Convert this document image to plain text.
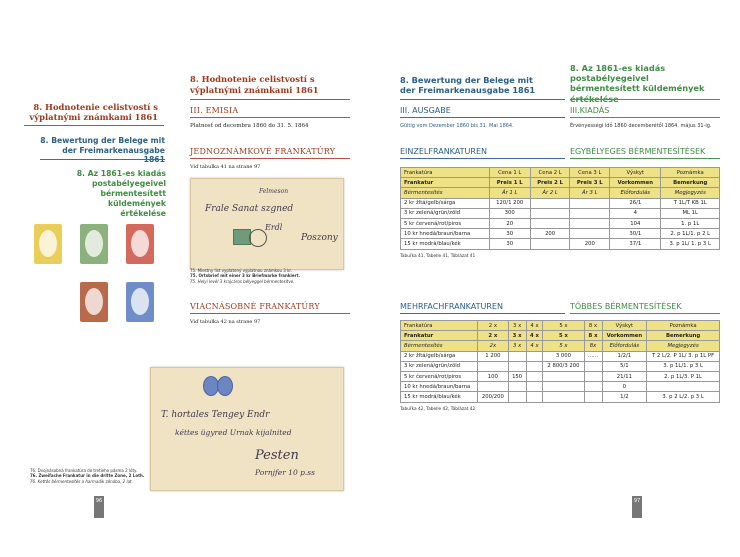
8. Hodnotenie celistvostí s výplatnými známkami 1861
8. Bewertung der Belege mit der Freimarkenausgabe 1861
8. Az 1861-es kiadás postabélyegeivel bérmentesített küldemények értékelése
8. Hodnotenie celistvostí s výplatnými známkami 1861
III. EMISIA
Platnosť od decembra 1860 do 31. 5. 1864
JEDNOZNÁMKOVÉ FRANKATÚRY
Viď tabuľka 41 na strane 97
Felmeson
Frale Sanat szgned
Erdl
Poszony
75. Miestny list vyplatený výplatnou známkou 3 kr.
75. Ortsbrief mit einer 3 kr Briefmarke frankiert.
75. Helyi levél 3 krajcáros bélyeggel bérmentesítve.
VIACNÁSOBNÉ FRANKATÚRY
Viď tabuľka 42 na strane 97
T. hortales Tengey Endr
kéttes ügyred Urnak kijalnited
Pesten
Pornjfer 10 p.ss
76. Dvojnásobná frankatúra do tretieho pásma 2 lóty.
76. Zweifache Frankatur in die dritte Zone, 2 Loth.
76. Kettős bérmentesítés a harmadik zónába, 2 lat.
96
8. Bewertung der Belege mit der Freimarkenausgabe 1861
8. Az 1861-es kiadás postabélyegeivel bérmentesített küldemények értékelése
III. AUSGABE	III.KIADÁS
Gültig vom Dezember 1860 bis 31. Mai 1864.	Érvényességi idő 1860 decemberétől 1864. május 31-ig.
EINZELFRANKATUREN	EGYBÉLYEGES BÉRMENTESÍTÉSEK
Frankatúra	Cena 1 L	Cena 2 L	Cena 3 L	Výskyt	Poznámka
Frankatur	Preis 1 L	Preis 2 L	Preis 3 L	Vorkommen	Bemerkung
Bérmentesítés	Ár 1 L	Ár 2 L	Ár 3 L	Előfordulás	Megjegyzés
2 kr žltá/gelb/sárga	120/1 200			26/1	T 1L/T KB 1L
3 kr zelená/grün/zöld	300			4	ML 1L
5 kr červená/rot/piros	20			104	1. p 1L
10 kr hnedá/braun/barna	30	200		30/1	2. p 1L/1. p 2 L
15 kr modrá/blau/kék	30		200	37/1	3. p 1L/ 1. p 3 L
Tabuľka 41, Tabelle 41, Táblázat 41
MEHRFACHFRANKATUREN	TÖBBES BÉRMENTESÍTÉSEK
Frankatúra	2 x	3 x	4 x	5 x	8 x	Výskyt	Poznámka
Frankatur	2 x	3 x	4 x	5 x	8 x	Vorkommen	Bemerkung
Bérmentesítés	2x	3 x	4 x	5 x	8x	Előfordulás	Megjegyzés
2 kr žltá/gelb/sárga	1 200			3 000	......	1/2/1	T 2 L/2. P 1L/ 3. p 1L PF
3 kr zelená/grün/zöld				2 800/3 200		5/1	3. p 1L/1. p 3 L
5 kr červená/rot/piros	100	150				21/11	2. p 1L/3. P 1L
10 kr hnedá/braun/barna						0	
15 kr modrá/blau/kék	200/200					1/2	3. p 2 L/2. p 3 L
Tabuľka 42, Tabelle 42, Táblázat 42
97
